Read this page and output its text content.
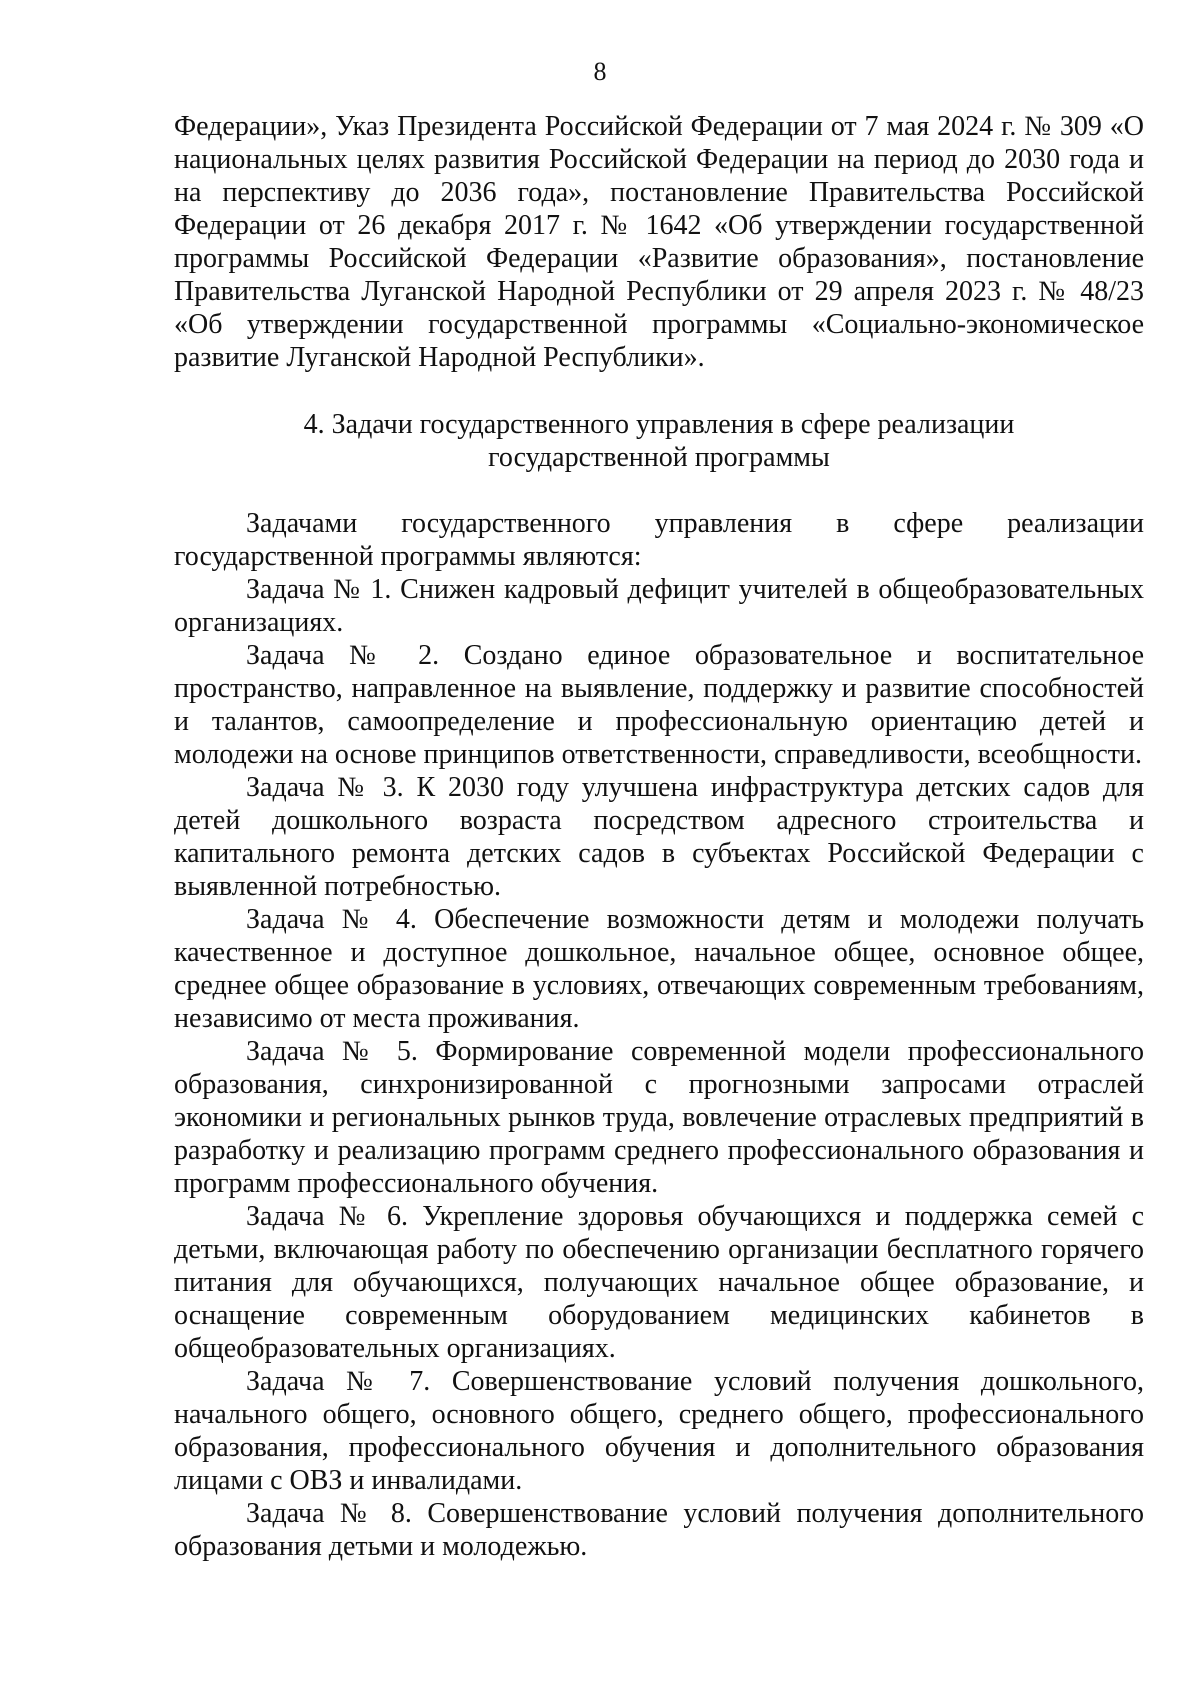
8

Федерации», Указ Президента Российской Федерации от 7 мая 2024 г. № 309 «О национальных целях развития Российской Федерации на период до 2030 года и на перспективу до 2036 года», постановление Правительства Российской Федерации от 26 декабря 2017 г. № 1642 «Об утверждении государственной программы Российской Федерации «Развитие образования», постановление Правительства Луганской Народной Республики от 29 апреля 2023 г. № 48/23 «Об утверждении государственной программы «Социально-экономическое развитие Луганской Народной Республики».

4. Задачи государственного управления в сфере реализации
государственной программы

Задачами государственного управления в сфере реализации государственной программы являются:

Задача № 1. Снижен кадровый дефицит учителей в общеобразовательных организациях.

Задача № 2. Создано единое образовательное и воспитательное пространство, направленное на выявление, поддержку и развитие способностей и талантов, самоопределение и профессиональную ориентацию детей и молодежи на основе принципов ответственности, справедливости, всеобщности.

Задача № 3. К 2030 году улучшена инфраструктура детских садов для детей дошкольного возраста посредством адресного строительства и капитального ремонта детских садов в субъектах Российской Федерации с выявленной потребностью.

Задача № 4. Обеспечение возможности детям и молодежи получать качественное и доступное дошкольное, начальное общее, основное общее, среднее общее образование в условиях, отвечающих современным требованиям, независимо от места проживания.

Задача № 5. Формирование современной модели профессионального образования, синхронизированной с прогнозными запросами отраслей экономики и региональных рынков труда, вовлечение отраслевых предприятий в разработку и реализацию программ среднего профессионального образования и программ профессионального обучения.

Задача № 6. Укрепление здоровья обучающихся и поддержка семей с детьми, включающая работу по обеспечению организации бесплатного горячего питания для обучающихся, получающих начальное общее образование, и оснащение современным оборудованием медицинских кабинетов в общеобразовательных организациях.

Задача № 7. Совершенствование условий получения дошкольного, начального общего, основного общего, среднего общего, профессионального образования, профессионального обучения и дополнительного образования лицами с ОВЗ и инвалидами.

Задача № 8. Совершенствование условий получения дополнительного образования детьми и молодежью.
